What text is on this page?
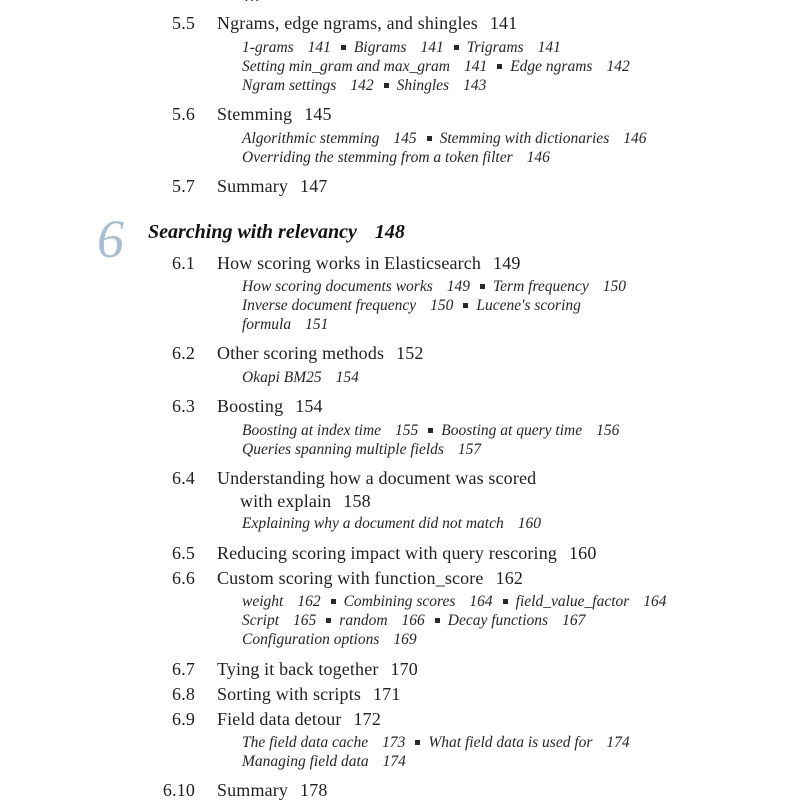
5.5 Ngrams, edge ngrams, and shingles 141
1-grams 141 Bigrams 141 Trigrams 141
Setting min_gram and max_gram 141 Edge ngrams 142
Ngram settings 142 Shingles 143
5.6 Stemming 145
Algorithmic stemming 145 Stemming with dictionaries 146
Overriding the stemming from a token filter 146
5.7 Summary 147
6 Searching with relevancy 148
6.1 How scoring works in Elasticsearch 149
How scoring documents works 149 Term frequency 150
Inverse document frequency 150 Lucene's scoring
formula 151
6.2 Other scoring methods 152
Okapi BM25 154
6.3 Boosting 154
Boosting at index time 155 Boosting at query time 156
Queries spanning multiple fields 157
6.4 Understanding how a document was scored
with explain 158
Explaining why a document did not match 160
6.5 Reducing scoring impact with query rescoring 160
6.6 Custom scoring with function_score 162
weight 162 Combining scores 164 field_value_factor 164
Script 165 random 166 Decay functions 167
Configuration options 169
6.7 Tying it back together 170
6.8 Sorting with scripts 171
6.9 Field data detour 172
The field data cache 173 What field data is used for 174
Managing field data 174
6.10 Summary 178
